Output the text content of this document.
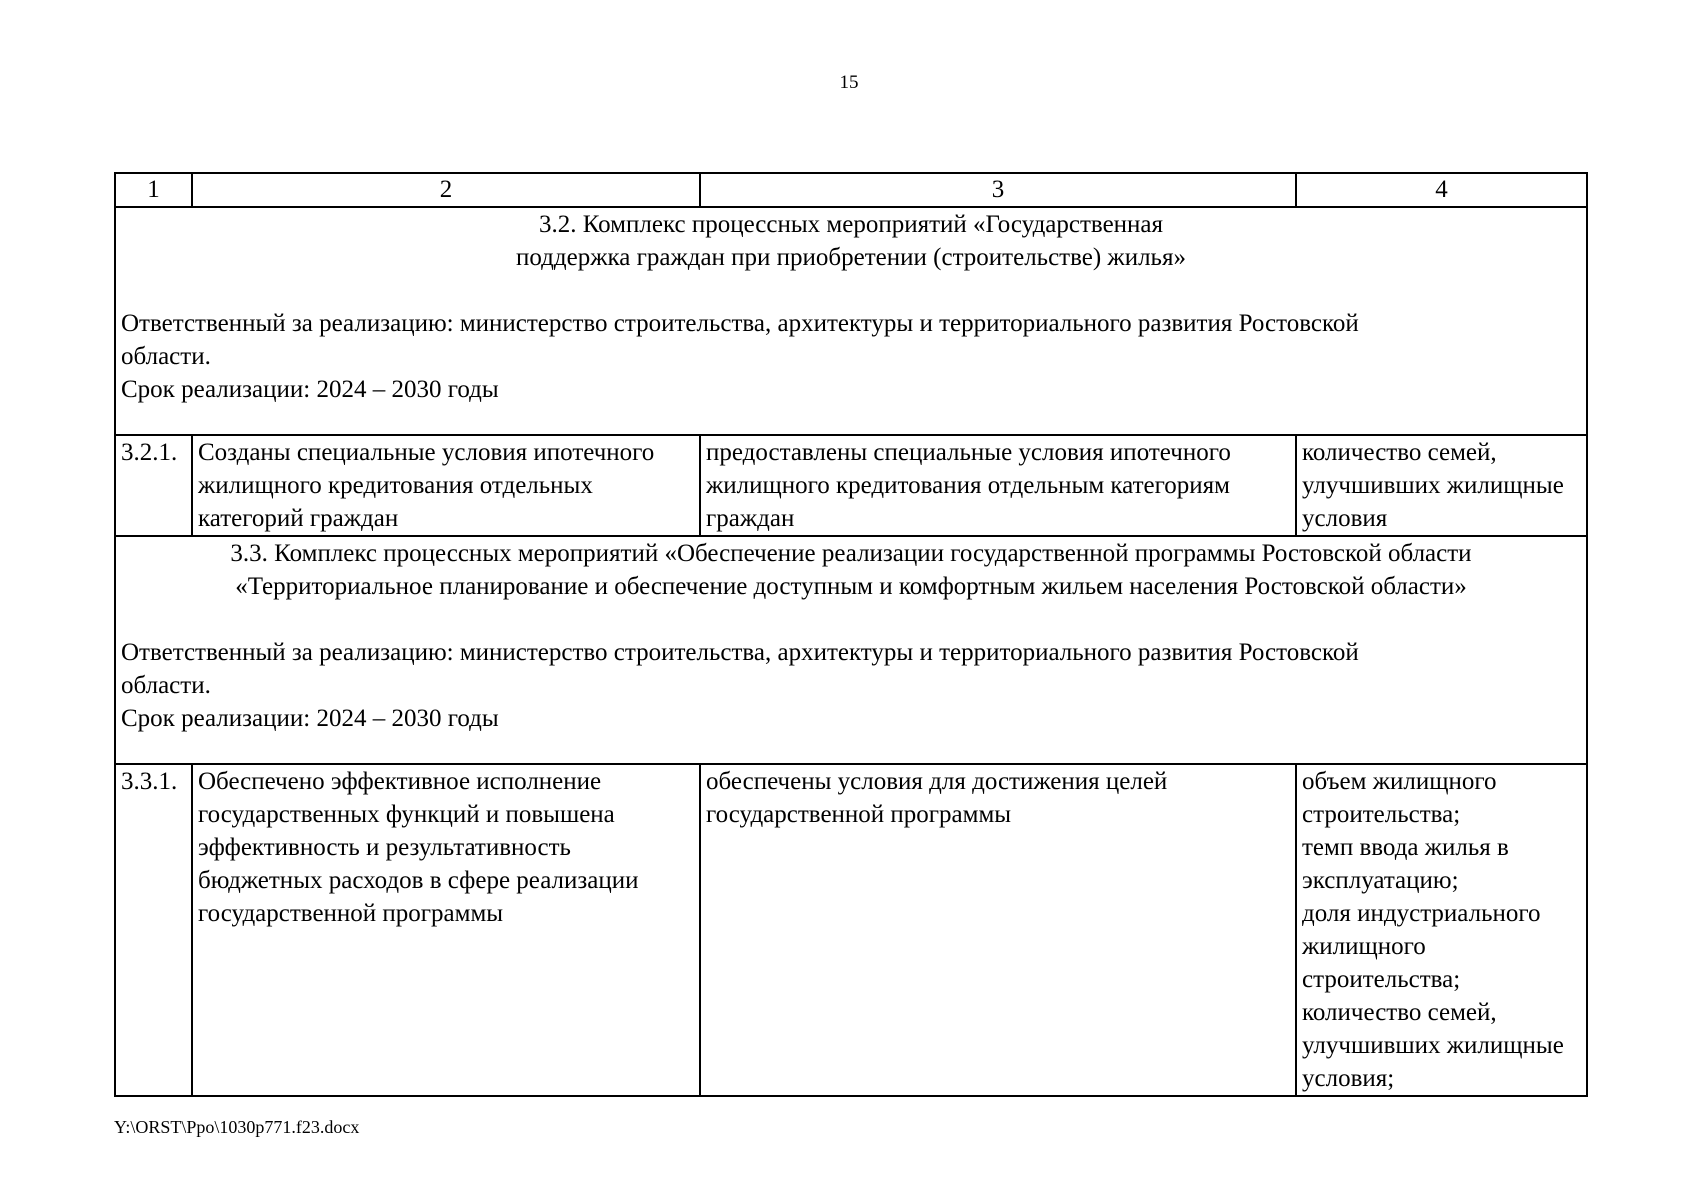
15
1	2	3	4

3.2. Комплекс процессных мероприятий «Государственная
поддержка граждан при приобретении (строительстве) жилья»
Ответственный за реализацию: министерство строительства, архитектуры и территориального развития Ростовской области.
Срок реализации: 2024 – 2030 годы			

3.2.1.	Созданы специальные условия ипотечного жилищного кредитования отдельных категорий граждан	предоставлены специальные условия ипотечного жилищного кредитования отдельным категориям граждан	количество семей, улучшивших жилищные условия

3.3. Комплекс процессных мероприятий «Обеспечение реализации государственной программы Ростовской области
«Территориальное планирование и обеспечение доступным и комфортным жильем населения Ростовской области»
Ответственный за реализацию: министерство строительства, архитектуры и территориального развития Ростовской области.
Срок реализации: 2024 – 2030 годы			

3.3.1.	Обеспечено эффективное исполнение государственных функций и повышена эффективность и результативность бюджетных расходов в сфере реализации государственной программы	обеспечены условия для достижения целей государственной программы	объем жилищного строительства;
темп ввода жилья в эксплуатацию;
доля индустриального жилищного строительства;
количество семей, улучшивших жилищные условия;
Y:\ORST\Ppo\1030p771.f23.docx
